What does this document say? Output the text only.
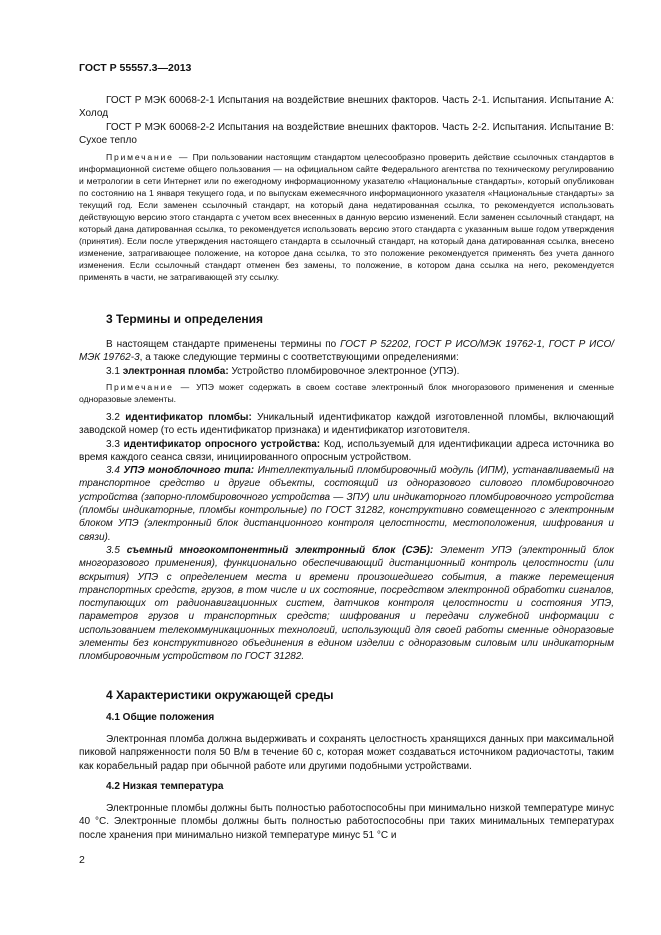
ГОСТ Р 55557.3—2013

ГОСТ Р МЭК 60068-2-1 Испытания на воздействие внешних факторов. Часть 2-1. Испытания. Испытание А: Холод

ГОСТ Р МЭК 60068-2-2 Испытания на воздействие внешних факторов. Часть 2-2. Испытания. Испытание В: Сухое тепло

Примечание — При пользовании настоящим стандартом целесообразно проверить действие ссылочных стандартов в информационной системе общего пользования — на официальном сайте Федерального агентства по техническому регулированию и метрологии в сети Интернет или по ежегодному информационному указателю «Национальные стандарты», который опубликован по состоянию на 1 января текущего года, и по выпускам ежемесячного информационного указателя «Национальные стандарты» за текущий год. Если заменен ссылочный стандарт, на который дана недатированная ссылка, то рекомендуется использовать действующую версию этого стандарта с учетом всех внесенных в данную версию изменений. Если заменен ссылочный стандарт, на который дана датированная ссылка, то рекомендуется использовать версию этого стандарта с указанным выше годом утверждения (принятия). Если после утверждения настоящего стандарта в ссылочный стандарт, на который дана датированная ссылка, внесено изменение, затрагивающее положение, на которое дана ссылка, то это положение рекомендуется применять без учета данного изменения. Если ссылочный стандарт отменен без замены, то положение, в котором дана ссылка на него, рекомендуется применять в части, не затрагивающей эту ссылку.

3 Термины и определения

В настоящем стандарте применены термины по ГОСТ Р 52202, ГОСТ Р ИСО/МЭК 19762-1, ГОСТ Р ИСО/МЭК 19762-3, а также следующие термины с соответствующими определениями:

3.1 электронная пломба: Устройство пломбировочное электронное (УПЭ).

Примечание — УПЭ может содержать в своем составе электронный блок многоразового применения и сменные одноразовые элементы.

3.2 идентификатор пломбы: Уникальный идентификатор каждой изготовленной пломбы, включающий заводской номер (то есть идентификатор признака) и идентификатор изготовителя.

3.3 идентификатор опросного устройства: Код, используемый для идентификации адреса источника во время каждого сеанса связи, инициированного опросным устройством.

3.4 УПЭ моноблочного типа: Интеллектуальный пломбировочный модуль (ИПМ), устанавливаемый на транспортное средство и другие объекты, состоящий из одноразового силового пломбировочного устройства (запорно-пломбировочного устройства — ЗПУ) или индикаторного пломбировочного устройства (пломбы индикаторные, пломбы контрольные) по ГОСТ 31282, конструктивно совмещенного с электронным блоком УПЭ (электронный блок дистанционного контроля целостности, местоположения, шифрования и связи).

3.5 съемный многокомпонентный электронный блок (СЭБ): Элемент УПЭ (электронный блок многоразового применения), функционально обеспечивающий дистанционный контроль целостности (или вскрытия) УПЭ с определением места и времени произошедшего события, а также перемещения транспортных средств, грузов, в том числе и их состояние, посредством электронной обработки сигналов, поступающих от радионавигационных систем, датчиков контроля целостности и состояния УПЭ, параметров грузов и транспортных средств; шифрования и передачи служебной информации с использованием телекоммуникационных технологий, использующий для своей работы сменные одноразовые элементы без конструктивного объединения в едином изделии с одноразовым силовым или индикаторным пломбировочным устройством по ГОСТ 31282.

4 Характеристики окружающей среды
4.1 Общие положения

Электронная пломба должна выдерживать и сохранять целостность хранящихся данных при максимальной пиковой напряженности поля 50 В/м в течение 60 с, которая может создаваться источником радиочастоты, таким как корабельный радар при обычной работе или другими подобными устройствами.

4.2 Низкая температура

Электронные пломбы должны быть полностью работоспособны при минимально низкой температуре минус 40 °С. Электронные пломбы должны быть полностью работоспособны при таких минимальных температурах после хранения при минимально низкой температуре минус 51 °С и

2
